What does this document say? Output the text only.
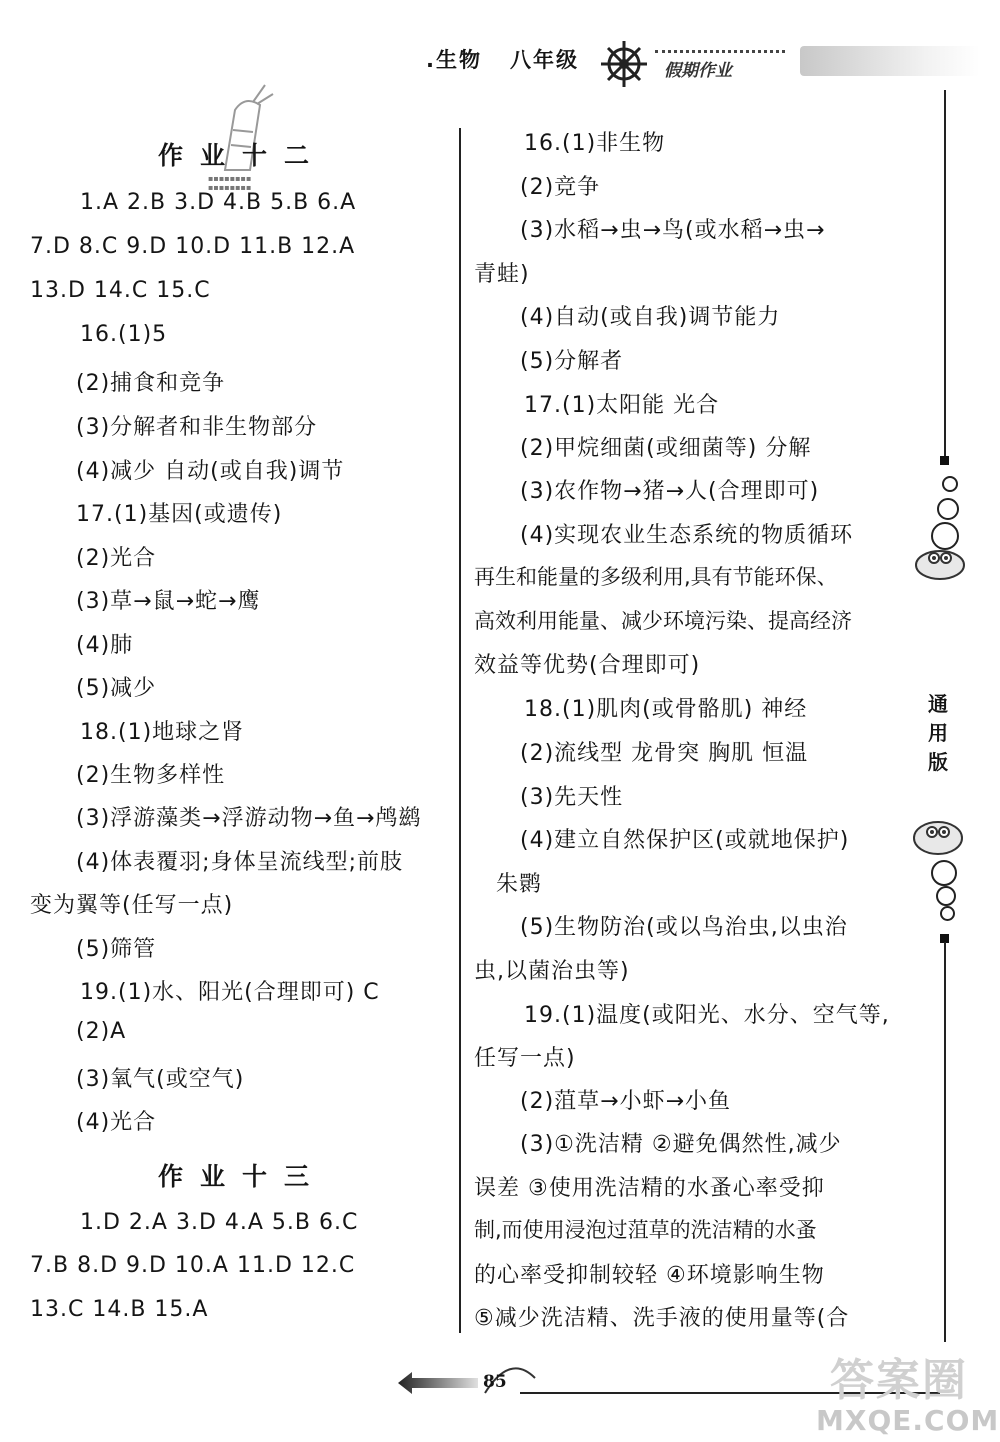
.生物 八年级	假期作业
▪▪▪▪▪▪▪▪
▪▪▪▪▪▪▪▪
作业十二
1.A 2.B 3.D 4.B 5.B 6.A
7.D 8.C 9.D 10.D 11.B 12.A
13.D 14.C 15.C
16.(1)5
(2)捕食和竞争
(3)分解者和非生物部分
(4)减少 自动(或自我)调节
17.(1)基因(或遗传)
(2)光合
(3)草→鼠→蛇→鹰
(4)肺
(5)减少
18.(1)地球之肾
(2)生物多样性
(3)浮游藻类→浮游动物→鱼→鸬鹚
(4)体表覆羽;身体呈流线型;前肢
变为翼等(任写一点)
(5)筛管
19.(1)水、阳光(合理即可) C
(2)A
(3)氧气(或空气)
(4)光合
作业十三
1.D 2.A 3.D 4.A 5.B 6.C
7.B 8.D 9.D 10.A 11.D 12.C
13.C 14.B 15.A
16.(1)非生物
(2)竞争
(3)水稻→虫→鸟(或水稻→虫→
青蛙)
(4)自动(或自我)调节能力
(5)分解者
17.(1)太阳能 光合
(2)甲烷细菌(或细菌等) 分解
(3)农作物→猪→人(合理即可)
(4)实现农业生态系统的物质循环
再生和能量的多级利用,具有节能环保、
高效利用能量、减少环境污染、提高经济
效益等优势(合理即可)
18.(1)肌肉(或骨骼肌) 神经
(2)流线型 龙骨突 胸肌 恒温
(3)先天性
(4)建立自然保护区(或就地保护)
朱鹮
(5)生物防治(或以鸟治虫,以虫治
虫,以菌治虫等)
19.(1)温度(或阳光、水分、空气等,
任写一点)
(2)菹草→小虾→小鱼
(3)①洗洁精 ②避免偶然性,减少
误差 ③使用洗洁精的水蚤心率受抑
制,而使用浸泡过菹草的洗洁精的水蚤
的心率受抑制较轻 ④环境影响生物
⑤减少洗洁精、洗手液的使用量等(合
通用版
85	答案圈
MXQE.COM
